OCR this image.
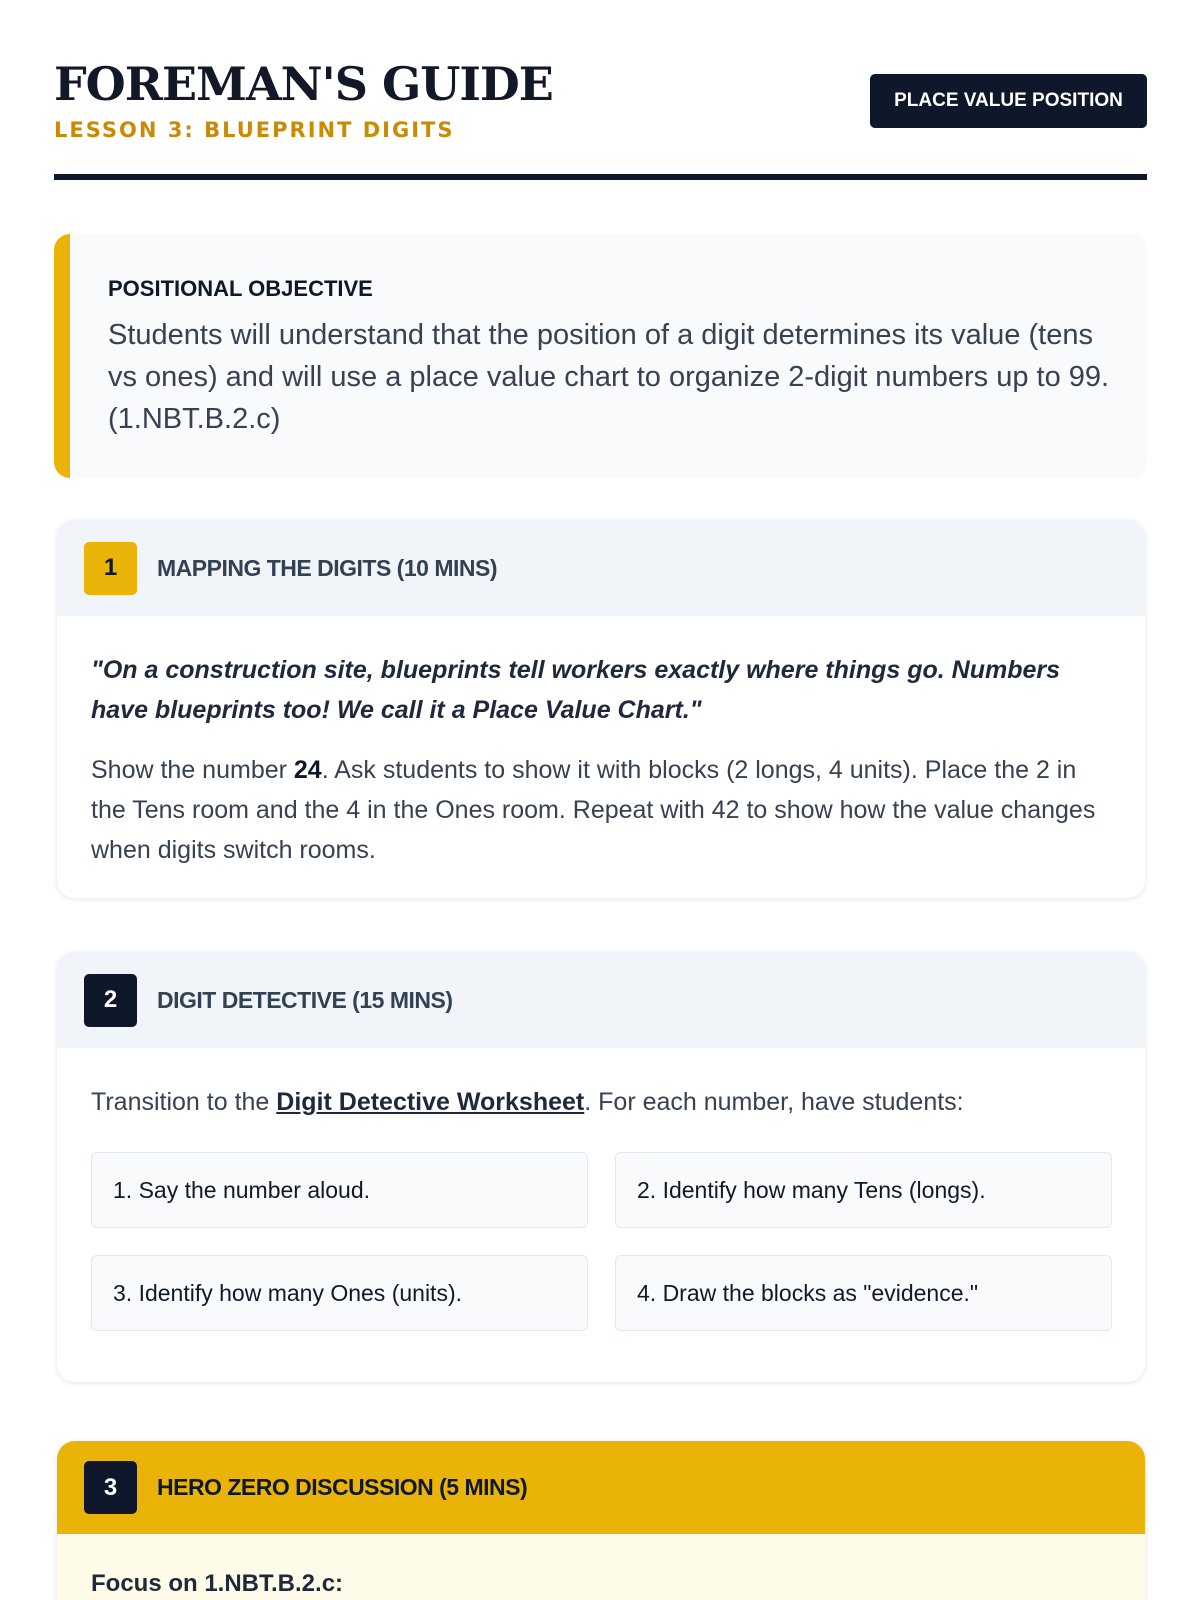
FOREMAN'S GUIDE
LESSON 3: BLUEPRINT DIGITS
PLACE VALUE POSITION
POSITIONAL OBJECTIVE
Students will understand that the position of a digit determines its value (tens vs ones) and will use a place value chart to organize 2-digit numbers up to 99. (1.NBT.B.2.c)
1	MAPPING THE DIGITS (10 MINS)
"On a construction site, blueprints tell workers exactly where things go. Numbers have blueprints too! We call it a Place Value Chart."
Show the number 24. Ask students to show it with blocks (2 longs, 4 units). Place the 2 in the Tens room and the 4 in the Ones room. Repeat with 42 to show how the value changes when digits switch rooms.
2	DIGIT DETECTIVE (15 MINS)
Transition to the Digit Detective Worksheet. For each number, have students:
1. Say the number aloud.	2. Identify how many Tens (longs).
3. Identify how many Ones (units).	4. Draw the blocks as "evidence."
3	HERO ZERO DISCUSSION (5 MINS)
Focus on 1.NBT.B.2.c:
